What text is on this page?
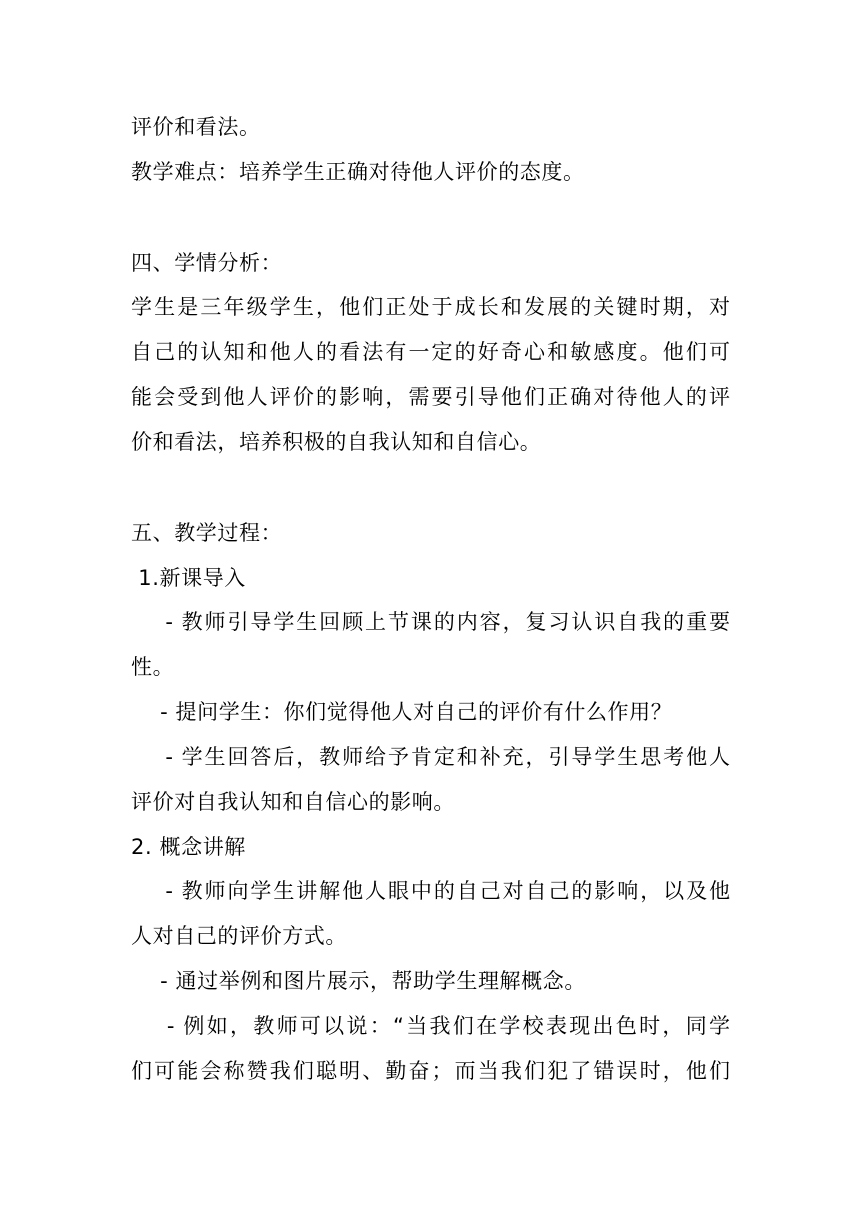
评价和看法。
教学难点：培养学生正确对待他人评价的态度。
四、学情分析：
学生是三年级学生，他们正处于成长和发展的关键时期，对
自己的认知和他人的看法有一定的好奇心和敏感度。他们可
能会受到他人评价的影响，需要引导他们正确对待他人的评
价和看法，培养积极的自我认知和自信心。
五、教学过程：
1.新课导入
- 教师引导学生回顾上节课的内容，复习认识自我的重要
性。
- 提问学生：你们觉得他人对自己的评价有什么作用？
- 学生回答后，教师给予肯定和补充，引导学生思考他人
评价对自我认知和自信心的影响。
2. 概念讲解
- 教师向学生讲解他人眼中的自己对自己的影响，以及他
人对自己的评价方式。
- 通过举例和图片展示，帮助学生理解概念。
- 例如，教师可以说：“当我们在学校表现出色时，同学
们可能会称赞我们聪明、勤奋；而当我们犯了错误时，他们
